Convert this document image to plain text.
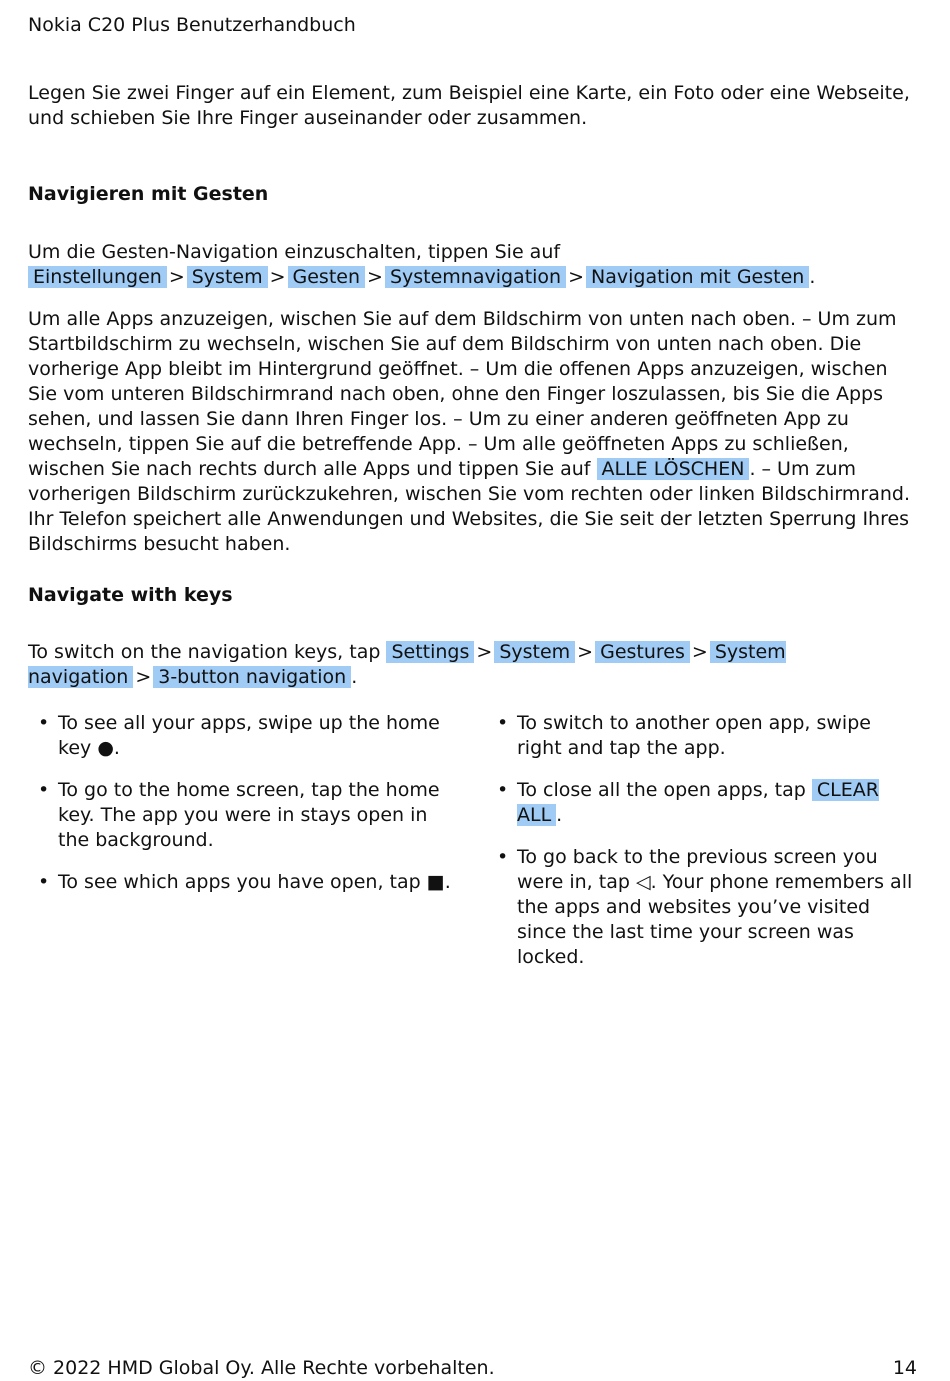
Nokia C20 Plus Benutzerhandbuch

Legen Sie zwei Finger auf ein Element, zum Beispiel eine Karte, ein Foto oder eine Webseite, und schieben Sie Ihre Finger auseinander oder zusammen.

Navigieren mit Gesten

Um die Gesten-Navigation einzuschalten, tippen Sie auf Einstellungen > System > Gesten > Systemnavigation > Navigation mit Gesten .

Um alle Apps anzuzeigen, wischen Sie auf dem Bildschirm von unten nach oben. – Um zum Startbildschirm zu wechseln, wischen Sie auf dem Bildschirm von unten nach oben. Die vorherige App bleibt im Hintergrund geöffnet. – Um die offenen Apps anzuzeigen, wischen Sie vom unteren Bildschirmrand nach oben, ohne den Finger loszulassen, bis Sie die Apps sehen, und lassen Sie dann Ihren Finger los. – Um zu einer anderen geöffneten App zu wechseln, tippen Sie auf die betreffende App. – Um alle geöffneten Apps zu schließen, wischen Sie nach rechts durch alle Apps und tippen Sie auf ALLE LÖSCHEN . – Um zum vorherigen Bildschirm zurückzukehren, wischen Sie vom rechten oder linken Bildschirmrand. Ihr Telefon speichert alle Anwendungen und Websites, die Sie seit der letzten Sperrung Ihres Bildschirms besucht haben.

Navigate with keys

To switch on the navigation keys, tap Settings > System > Gestures > System navigation > 3-button navigation .

• To see all your apps, swipe up the home key ●.
• To go to the home screen, tap the home key. The app you were in stays open in the background.
• To see which apps you have open, tap ■.
• To switch to another open app, swipe right and tap the app.
• To close all the open apps, tap CLEAR ALL .
• To go back to the previous screen you were in, tap ◁. Your phone remembers all the apps and websites you’ve visited since the last time your screen was locked.
© 2022 HMD Global Oy. Alle Rechte vorbehalten.	14
